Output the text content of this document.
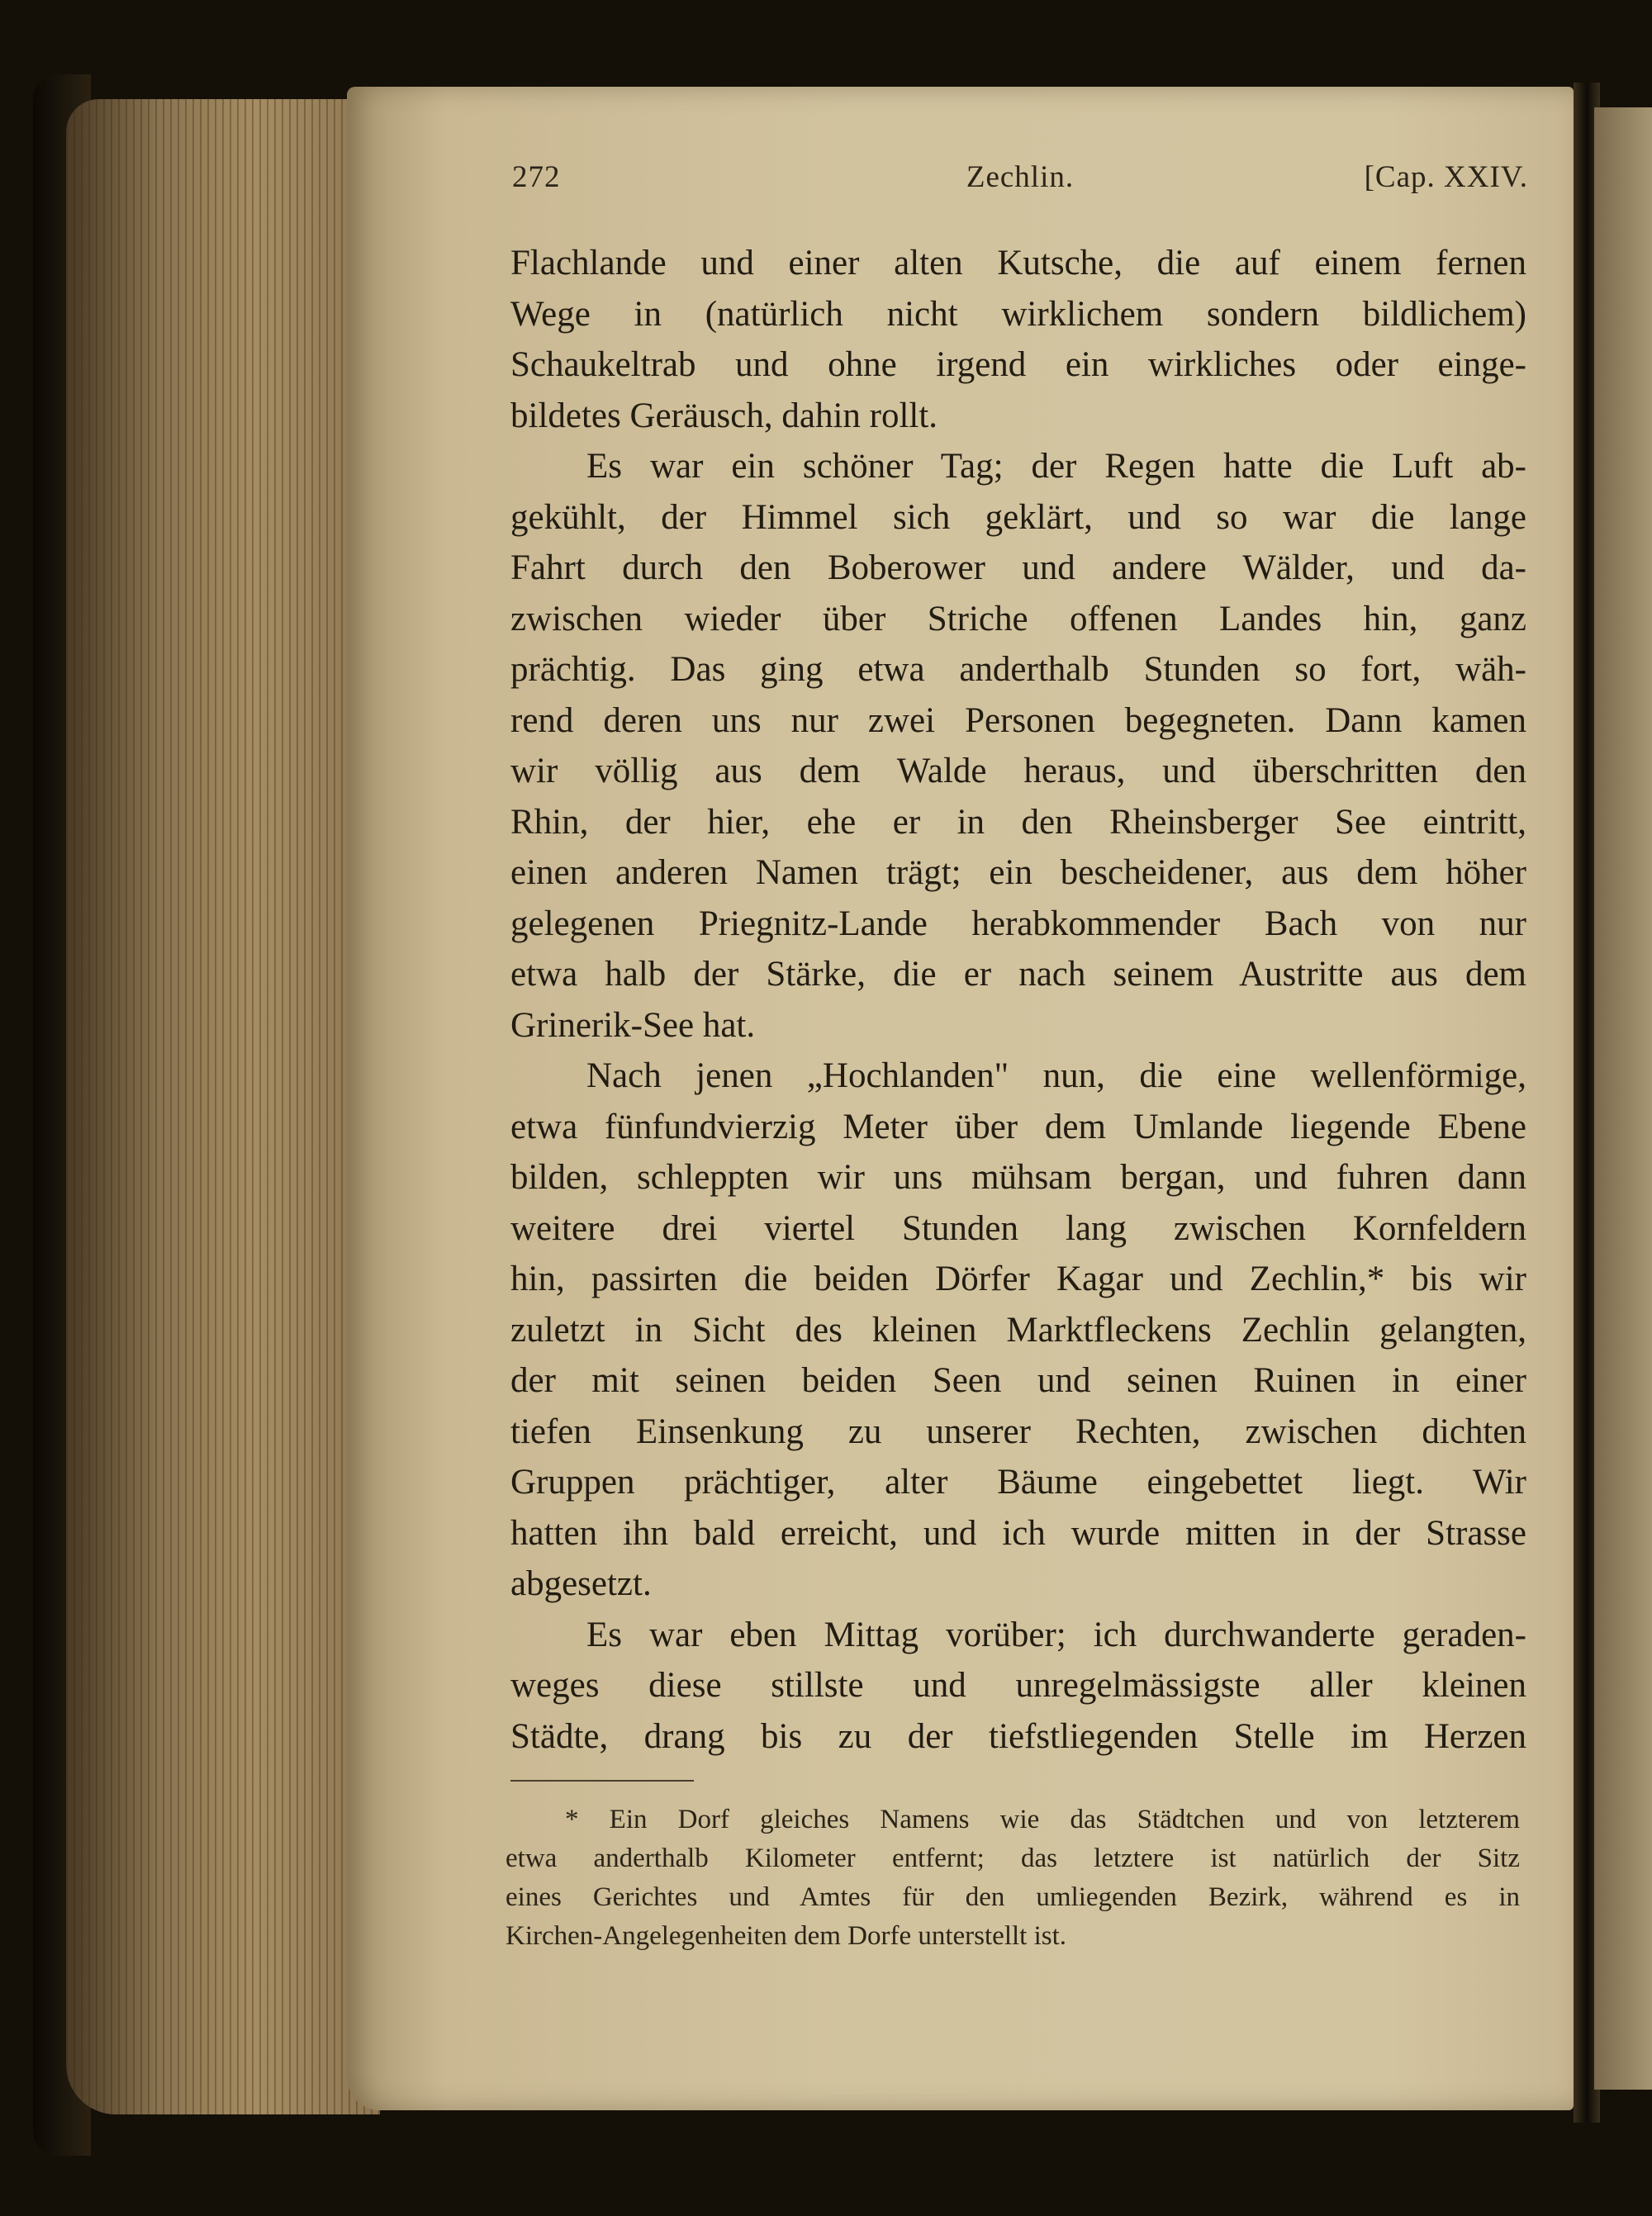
272	Zechlin.	[Cap. XXIV.
Flachlande und einer alten Kutsche, die auf einem fernen
Wege in (natürlich nicht wirklichem sondern bildlichem)
Schaukeltrab und ohne irgend ein wirkliches oder einge-
bildetes Geräusch, dahin rollt.
Es war ein schöner Tag; der Regen hatte die Luft ab-
gekühlt, der Himmel sich geklärt, und so war die lange
Fahrt durch den Boberower und andere Wälder, und da-
zwischen wieder über Striche offenen Landes hin, ganz
prächtig. Das ging etwa anderthalb Stunden so fort, wäh-
rend deren uns nur zwei Personen begegneten. Dann kamen
wir völlig aus dem Walde heraus, und überschritten den
Rhin, der hier, ehe er in den Rheinsberger See eintritt,
einen anderen Namen trägt; ein bescheidener, aus dem höher
gelegenen Priegnitz-Lande herabkommender Bach von nur
etwa halb der Stärke, die er nach seinem Austritte aus dem
Grinerik-See hat.
Nach jenen „Hochlanden" nun, die eine wellenförmige,
etwa fünfundvierzig Meter über dem Umlande liegende Ebene
bilden, schleppten wir uns mühsam bergan, und fuhren dann
weitere drei viertel Stunden lang zwischen Kornfeldern
hin, passirten die beiden Dörfer Kagar und Zechlin,* bis wir
zuletzt in Sicht des kleinen Marktfleckens Zechlin gelangten,
der mit seinen beiden Seen und seinen Ruinen in einer
tiefen Einsenkung zu unserer Rechten, zwischen dichten
Gruppen prächtiger, alter Bäume eingebettet liegt. Wir
hatten ihn bald erreicht, und ich wurde mitten in der Strasse
abgesetzt.
Es war eben Mittag vorüber; ich durchwanderte geraden-
weges diese stillste und unregelmässigste aller kleinen
Städte, drang bis zu der tiefstliegenden Stelle im Herzen
* Ein Dorf gleiches Namens wie das Städtchen und von letzterem
etwa anderthalb Kilometer entfernt; das letztere ist natürlich der Sitz
eines Gerichtes und Amtes für den umliegenden Bezirk, während es in
Kirchen-Angelegenheiten dem Dorfe unterstellt ist.
